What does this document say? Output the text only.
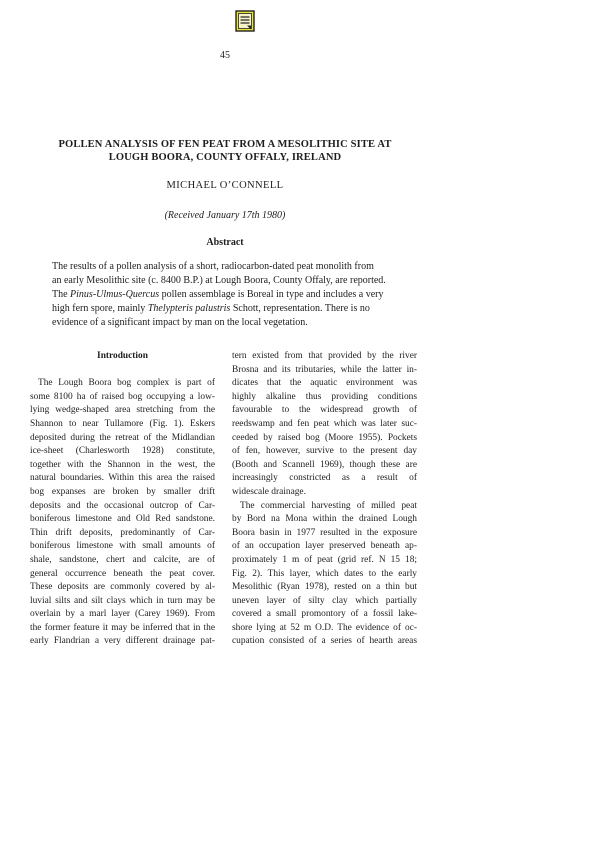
45
POLLEN ANALYSIS OF FEN PEAT FROM A MESOLITHIC SITE AT
LOUGH BOORA, COUNTY OFFALY, IRELAND
MICHAEL O’CONNELL
(Received January 17th 1980)
Abstract
The results of a pollen analysis of a short, radiocarbon-dated peat monolith from
an early Mesolithic site (c. 8400 B.P.) at Lough Boora, County Offaly, are reported.
The Pinus-Ulmus-Quercus pollen assemblage is Boreal in type and includes a very
high fern spore, mainly Thelypteris palustris Schott, representation. There is no
evidence of a significant impact by man on the local vegetation.
Introduction
The Lough Boora bog complex is part of
some 8100 ha of raised bog occupying a low-
lying wedge-shaped area stretching from the
Shannon to near Tullamore (Fig. 1). Eskers
deposited during the retreat of the Midlandian
ice-sheet (Charlesworth 1928) constitute,
together with the Shannon in the west, the
natural boundaries. Within this area the raised
bog expanses are broken by smaller drift
deposits and the occasional outcrop of Car-
boniferous limestone and Old Red sandstone.
Thin drift deposits, predominantly of Car-
boniferous limestone with small amounts of
shale, sandstone, chert and calcite, are of
general occurrence beneath the peat cover.
These deposits are commonly covered by al-
luvial silts and silt clays which in turn may be
overlain by a marl layer (Carey 1969). From
the former feature it may be inferred that in the
early Flandrian a very different drainage pat-
tern existed from that provided by the river
Brosna and its tributaries, while the latter in-
dicates that the aquatic environment was
highly alkaline thus providing conditions
favourable to the widespread growth of
reedswamp and fen peat which was later suc-
ceeded by raised bog (Moore 1955). Pockets
of fen, however, survive to the present day
(Booth and Scannell 1969), though these are
increasingly constricted as a result of
widescale drainage.
The commercial harvesting of milled peat
by Bord na Mona within the drained Lough
Boora basin in 1977 resulted in the exposure
of an occupation layer preserved beneath ap-
proximately 1 m of peat (grid ref. N 15 18;
Fig. 2). This layer, which dates to the early
Mesolithic (Ryan 1978), rested on a thin but
uneven layer of silty clay which partially
covered a small promontory of a fossil lake-
shore lying at 52 m O.D. The evidence of oc-
cupation consisted of a series of hearth areas
